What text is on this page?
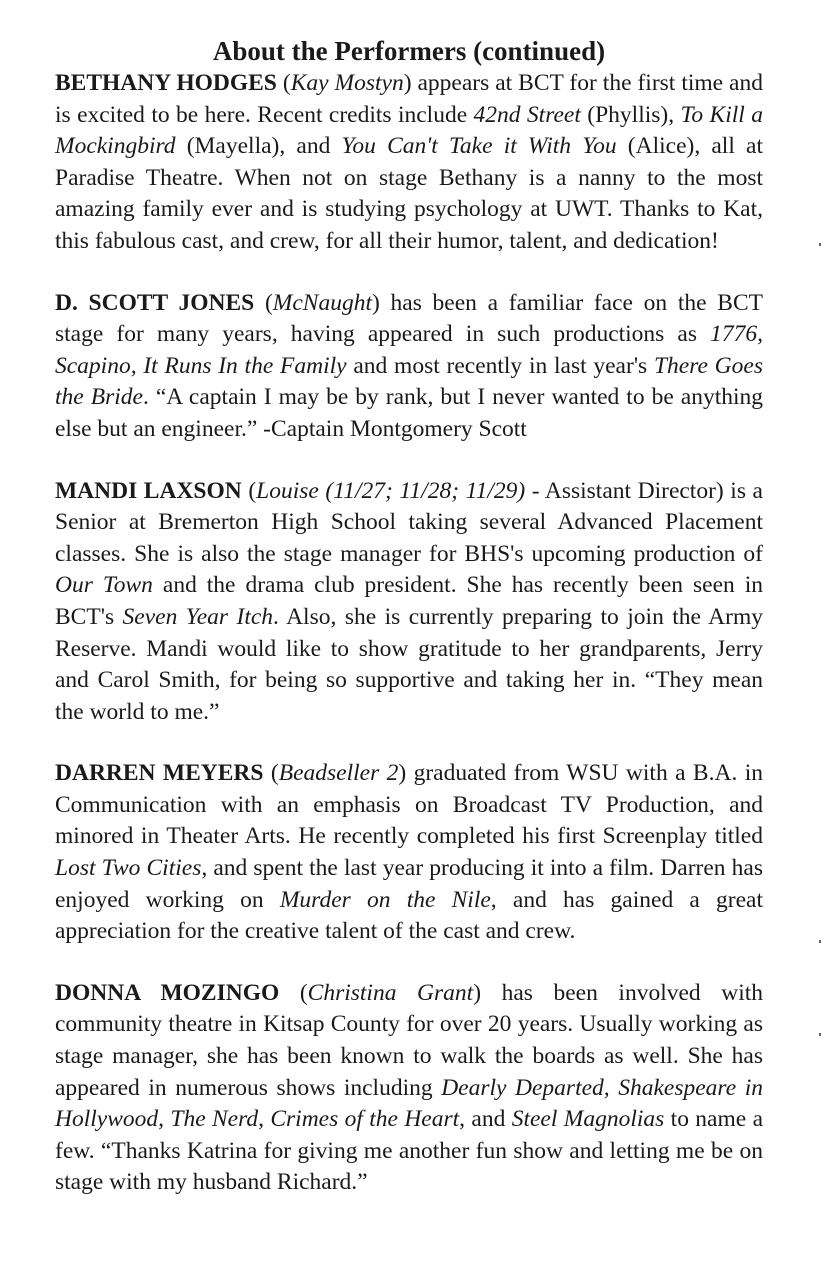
About the Performers (continued)

BETHANY HODGES (Kay Mostyn) appears at BCT for the first time and is excited to be here. Recent credits include 42nd Street (Phyllis), To Kill a Mockingbird (Mayella), and You Can't Take it With You (Alice), all at Paradise Theatre. When not on stage Bethany is a nanny to the most amazing family ever and is studying psychology at UWT. Thanks to Kat, this fabulous cast, and crew, for all their humor, talent, and dedication!

D. SCOTT JONES (McNaught) has been a familiar face on the BCT stage for many years, having appeared in such productions as 1776, Scapino, It Runs In the Family and most recently in last year's There Goes the Bride. “A captain I may be by rank, but I never wanted to be anything else but an engineer.” -Captain Montgomery Scott

MANDI LAXSON (Louise (11/27; 11/28; 11/29) - Assistant Director) is a Senior at Bremerton High School taking several Advanced Placement classes. She is also the stage manager for BHS's upcoming production of Our Town and the drama club president. She has recently been seen in BCT's Seven Year Itch. Also, she is currently preparing to join the Army Reserve. Mandi would like to show gratitude to her grandparents, Jerry and Carol Smith, for being so supportive and taking her in. “They mean the world to me.”

DARREN MEYERS (Beadseller 2) graduated from WSU with a B.A. in Communication with an emphasis on Broadcast TV Production, and minored in Theater Arts. He recently completed his first Screenplay titled Lost Two Cities, and spent the last year producing it into a film. Darren has enjoyed working on Murder on the Nile, and has gained a great appreciation for the creative talent of the cast and crew.

DONNA MOZINGO (Christina Grant) has been involved with community theatre in Kitsap County for over 20 years. Usually working as stage manager, she has been known to walk the boards as well. She has appeared in numerous shows including Dearly Departed, Shakespeare in Hollywood, The Nerd, Crimes of the Heart, and Steel Magnolias to name a few. “Thanks Katrina for giving me another fun show and letting me be on stage with my husband Richard.”
